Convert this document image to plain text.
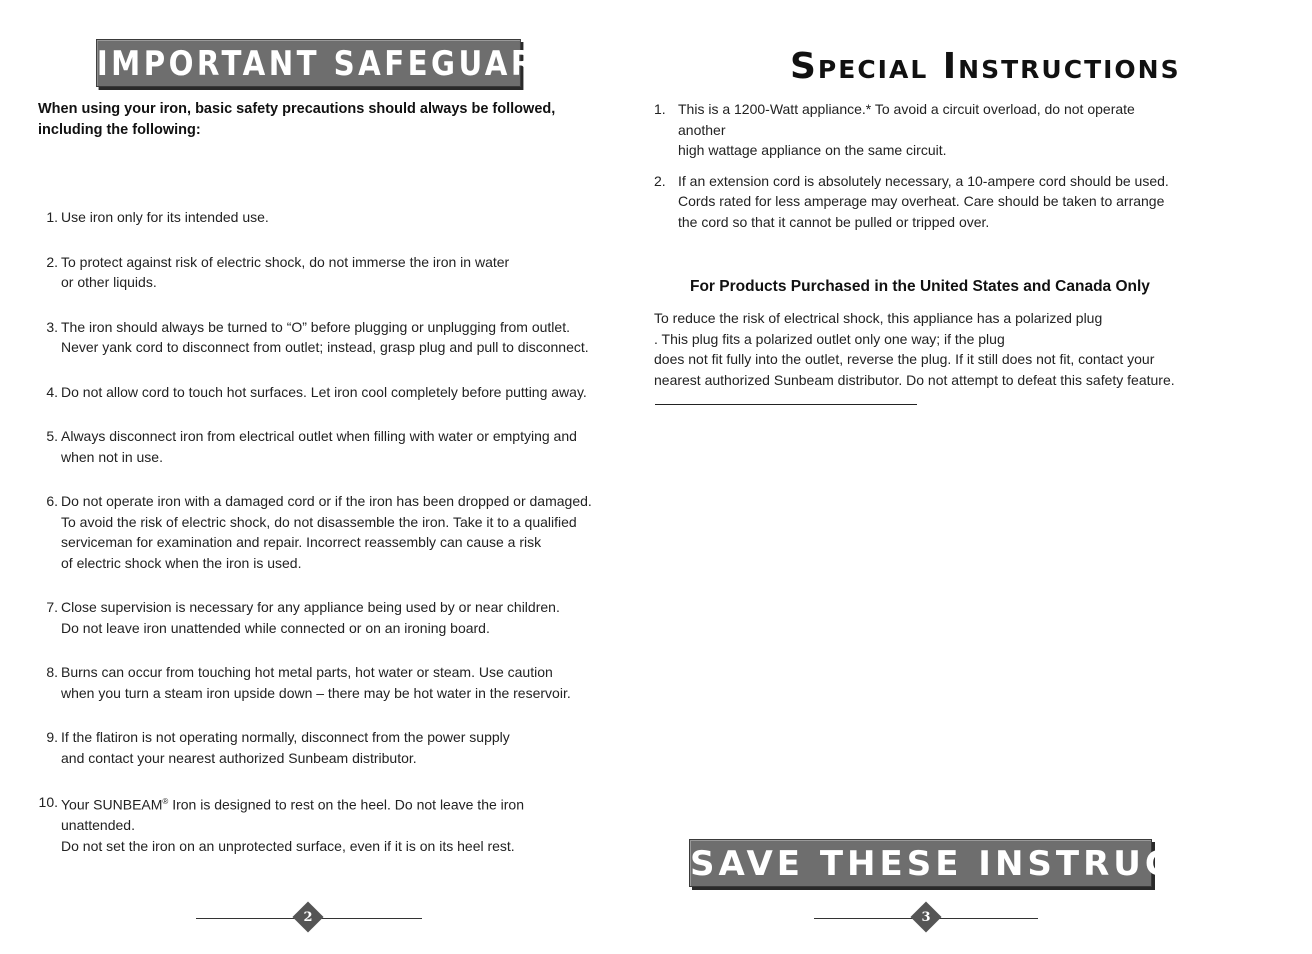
IMPORTANT SAFEGUARDS
When using your iron, basic safety precautions should always be followed, including the following:
1. Use iron only for its intended use.
2. To protect against risk of electric shock, do not immerse the iron in water
or other liquids.
3. The iron should always be turned to “O” before plugging or unplugging from outlet.
Never yank cord to disconnect from outlet; instead, grasp plug and pull to disconnect.
4. Do not allow cord to touch hot surfaces. Let iron cool completely before putting away.
5. Always disconnect iron from electrical outlet when filling with water or emptying and
when not in use.
6. Do not operate iron with a damaged cord or if the iron has been dropped or damaged.
To avoid the risk of electric shock, do not disassemble the iron. Take it to a qualified
serviceman for examination and repair. Incorrect reassembly can cause a risk
of electric shock when the iron is used.
7. Close supervision is necessary for any appliance being used by or near children.
Do not leave iron unattended while connected or on an ironing board.
8. Burns can occur from touching hot metal parts, hot water or steam. Use caution
when you turn a steam iron upside down – there may be hot water in the reservoir.
9. If the flatiron is not operating normally, disconnect from the power supply
and contact your nearest authorized Sunbeam distributor.
10. Your SUNBEAM® Iron is designed to rest on the heel. Do not leave the iron unattended.
Do not set the iron on an unprotected surface, even if it is on its heel rest.
2
Special Instructions
1. This is a 1200-Watt appliance.* To avoid a circuit overload, do not operate another
high wattage appliance on the same circuit.
2. If an extension cord is absolutely necessary, a 10-ampere cord should be used.
Cords rated for less amperage may overheat. Care should be taken to arrange
the cord so that it cannot be pulled or tripped over.
For Products Purchased in the United States and Canada Only
To reduce the risk of electrical shock, this appliance has a polarized plug
. This plug fits a polarized outlet only one way; if the plug
does not fit fully into the outlet, reverse the plug. If it still does not fit, contact your
nearest authorized Sunbeam distributor. Do not attempt to defeat this safety feature.
SAVE THESE INSTRUCTIONS
3
